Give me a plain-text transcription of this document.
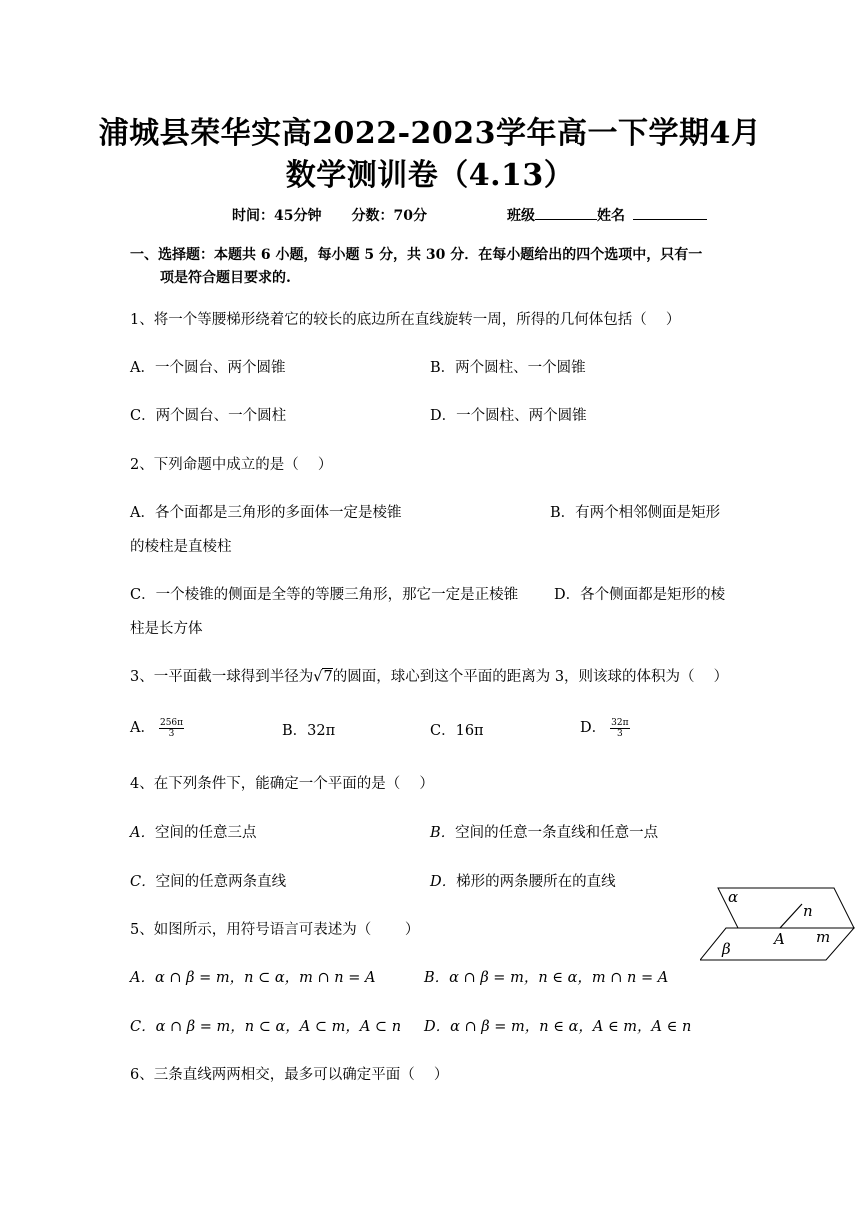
浦城县荣华实高2022-2023学年高一下学期4月
数学测训卷（4.13）
时间：45分钟 分数：70分	班级	姓名
一、选择题：本题共 6 小题，每小题 5 分，共 30 分．在每小题给出的四个选项中，只有一
项是符合题目要求的.
1、将一个等腰梯形绕着它的较长的底边所在直线旋转一周，所得的几何体包括（　 ）
A．一个圆台、两个圆锥	B．两个圆柱、一个圆锥
C．两个圆台、一个圆柱	D．一个圆柱、两个圆锥
2、下列命题中成立的是（　 ）
A．各个面都是三角形的多面体一定是棱锥	B．有两个相邻侧面是矩形
的棱柱是直棱柱
C．一个棱锥的侧面是全等的等腰三角形，那它一定是正棱锥 D．各个侧面都是矩形的棱
柱是长方体
3、一平面截一球得到半径为√7的圆面，球心到这个平面的距离为 3，则该球的体积为（　 ）
A． $\frac{256\pi}{3}$	B．32π	C．16π	D． $\frac{32\pi}{3}$
4、在下列条件下，能确定一个平面的是（　 ）
A．空间的任意三点	B．空间的任意一条直线和任意一点
C．空间的任意两条直线	D．梯形的两条腰所在的直线
5、如图所示，用符号语言可表述为（　　 ）
α
β
n
A m
A．α ∩ β = m，n ⊂ α，m ∩ n = A	B．α ∩ β = m，n ∈ α，m ∩ n = A
C．α ∩ β = m，n ⊂ α，A ⊂ m，A ⊂ n D．α ∩ β = m，n ∈ α，A ∈ m，A ∈ n
6、三条直线两两相交，最多可以确定平面（　 ）
